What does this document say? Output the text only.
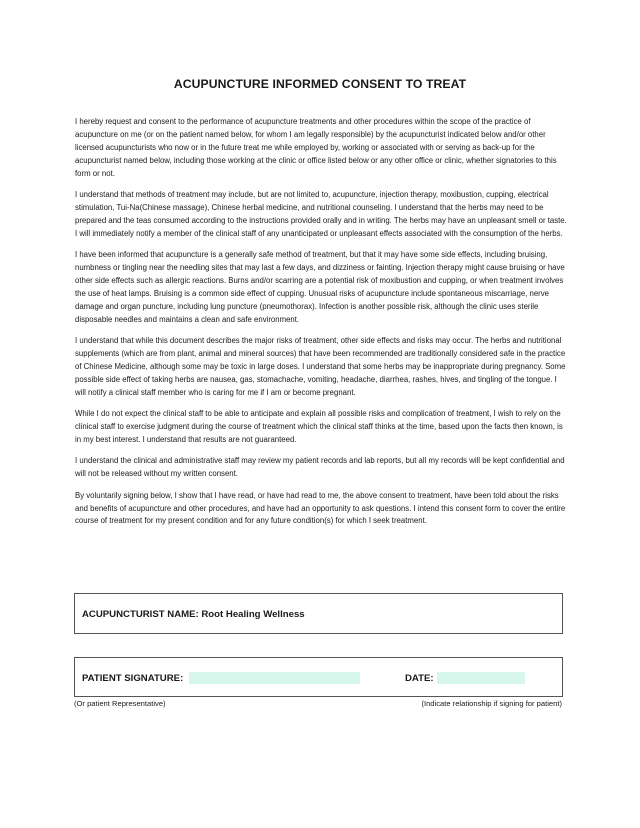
ACUPUNCTURE INFORMED CONSENT TO TREAT

I hereby request and consent to the performance of acupuncture treatments and other procedures within the scope of the practice of acupuncture on me (or on the patient named below, for whom I am legally responsible) by the acupuncturist indicated below and/or other licensed acupuncturists who now or in the future treat me while employed by, working or associated with or serving as back-up for the acupuncturist named below, including those working at the clinic or office listed below or any other office or clinic, whether signatories to this form or not.

I understand that methods of treatment may include, but are not limited to, acupuncture, injection therapy, moxibustion, cupping, electrical stimulation, Tui-Na(Chinese massage), Chinese herbal medicine, and nutritional counseling. I understand that the herbs may need to be prepared and the teas consumed according to the instructions provided orally and in writing. The herbs may have an unpleasant smell or taste. I will immediately notify a member of the clinical staff of any unanticipated or unpleasant effects associated with the consumption of the herbs.

I have been informed that acupuncture is a generally safe method of treatment, but that it may have some side effects, including bruising, numbness or tingling near the needling sites that may last a few days, and dizziness or fainting. Injection therapy might cause bruising or have other side effects such as allergic reactions. Burns and/or scarring are a potential risk of moxibustion and cupping, or when treatment involves the use of heat lamps. Bruising is a common side effect of cupping. Unusual risks of acupuncture include spontaneous miscarriage, nerve damage and organ puncture, including lung puncture (pneumothorax). Infection is another possible risk, although the clinic uses sterile disposable needles and maintains a clean and safe environment.

I understand that while this document describes the major risks of treatment, other side effects and risks may occur. The herbs and nutritional supplements (which are from plant, animal and mineral sources) that have been recommended are traditionally considered safe in the practice of Chinese Medicine, although some may be toxic in large doses. I understand that some herbs may be inappropriate during pregnancy. Some possible side effect of taking herbs are nausea, gas, stomachache, vomiting, headache, diarrhea, rashes, hives, and tingling of the tongue. I will notify a clinical staff member who is caring for me if I am or become pregnant.

While I do not expect the clinical staff to be able to anticipate and explain all possible risks and complication of treatment, I wish to rely on the clinical staff to exercise judgment during the course of treatment which the clinical staff thinks at the time, based upon the facts then known, is in my best interest. I understand that results are not guaranteed.

I understand the clinical and administrative staff may review my patient records and lab reports, but all my records will be kept confidential and will not be released without my written consent.

By voluntarily signing below, I show that I have read, or have had read to me, the above consent to treatment, have been told about the risks and benefits of acupuncture and other procedures, and have had an opportunity to ask questions. I intend this consent form to cover the entire course of treatment for my present condition and for any future condition(s) for which I seek treatment.

ACUPUNCTURIST NAME: Root Healing Wellness
PATIENT SIGNATURE:	DATE:
(Or patient Representative)	(Indicate relationship if signing for patient)
